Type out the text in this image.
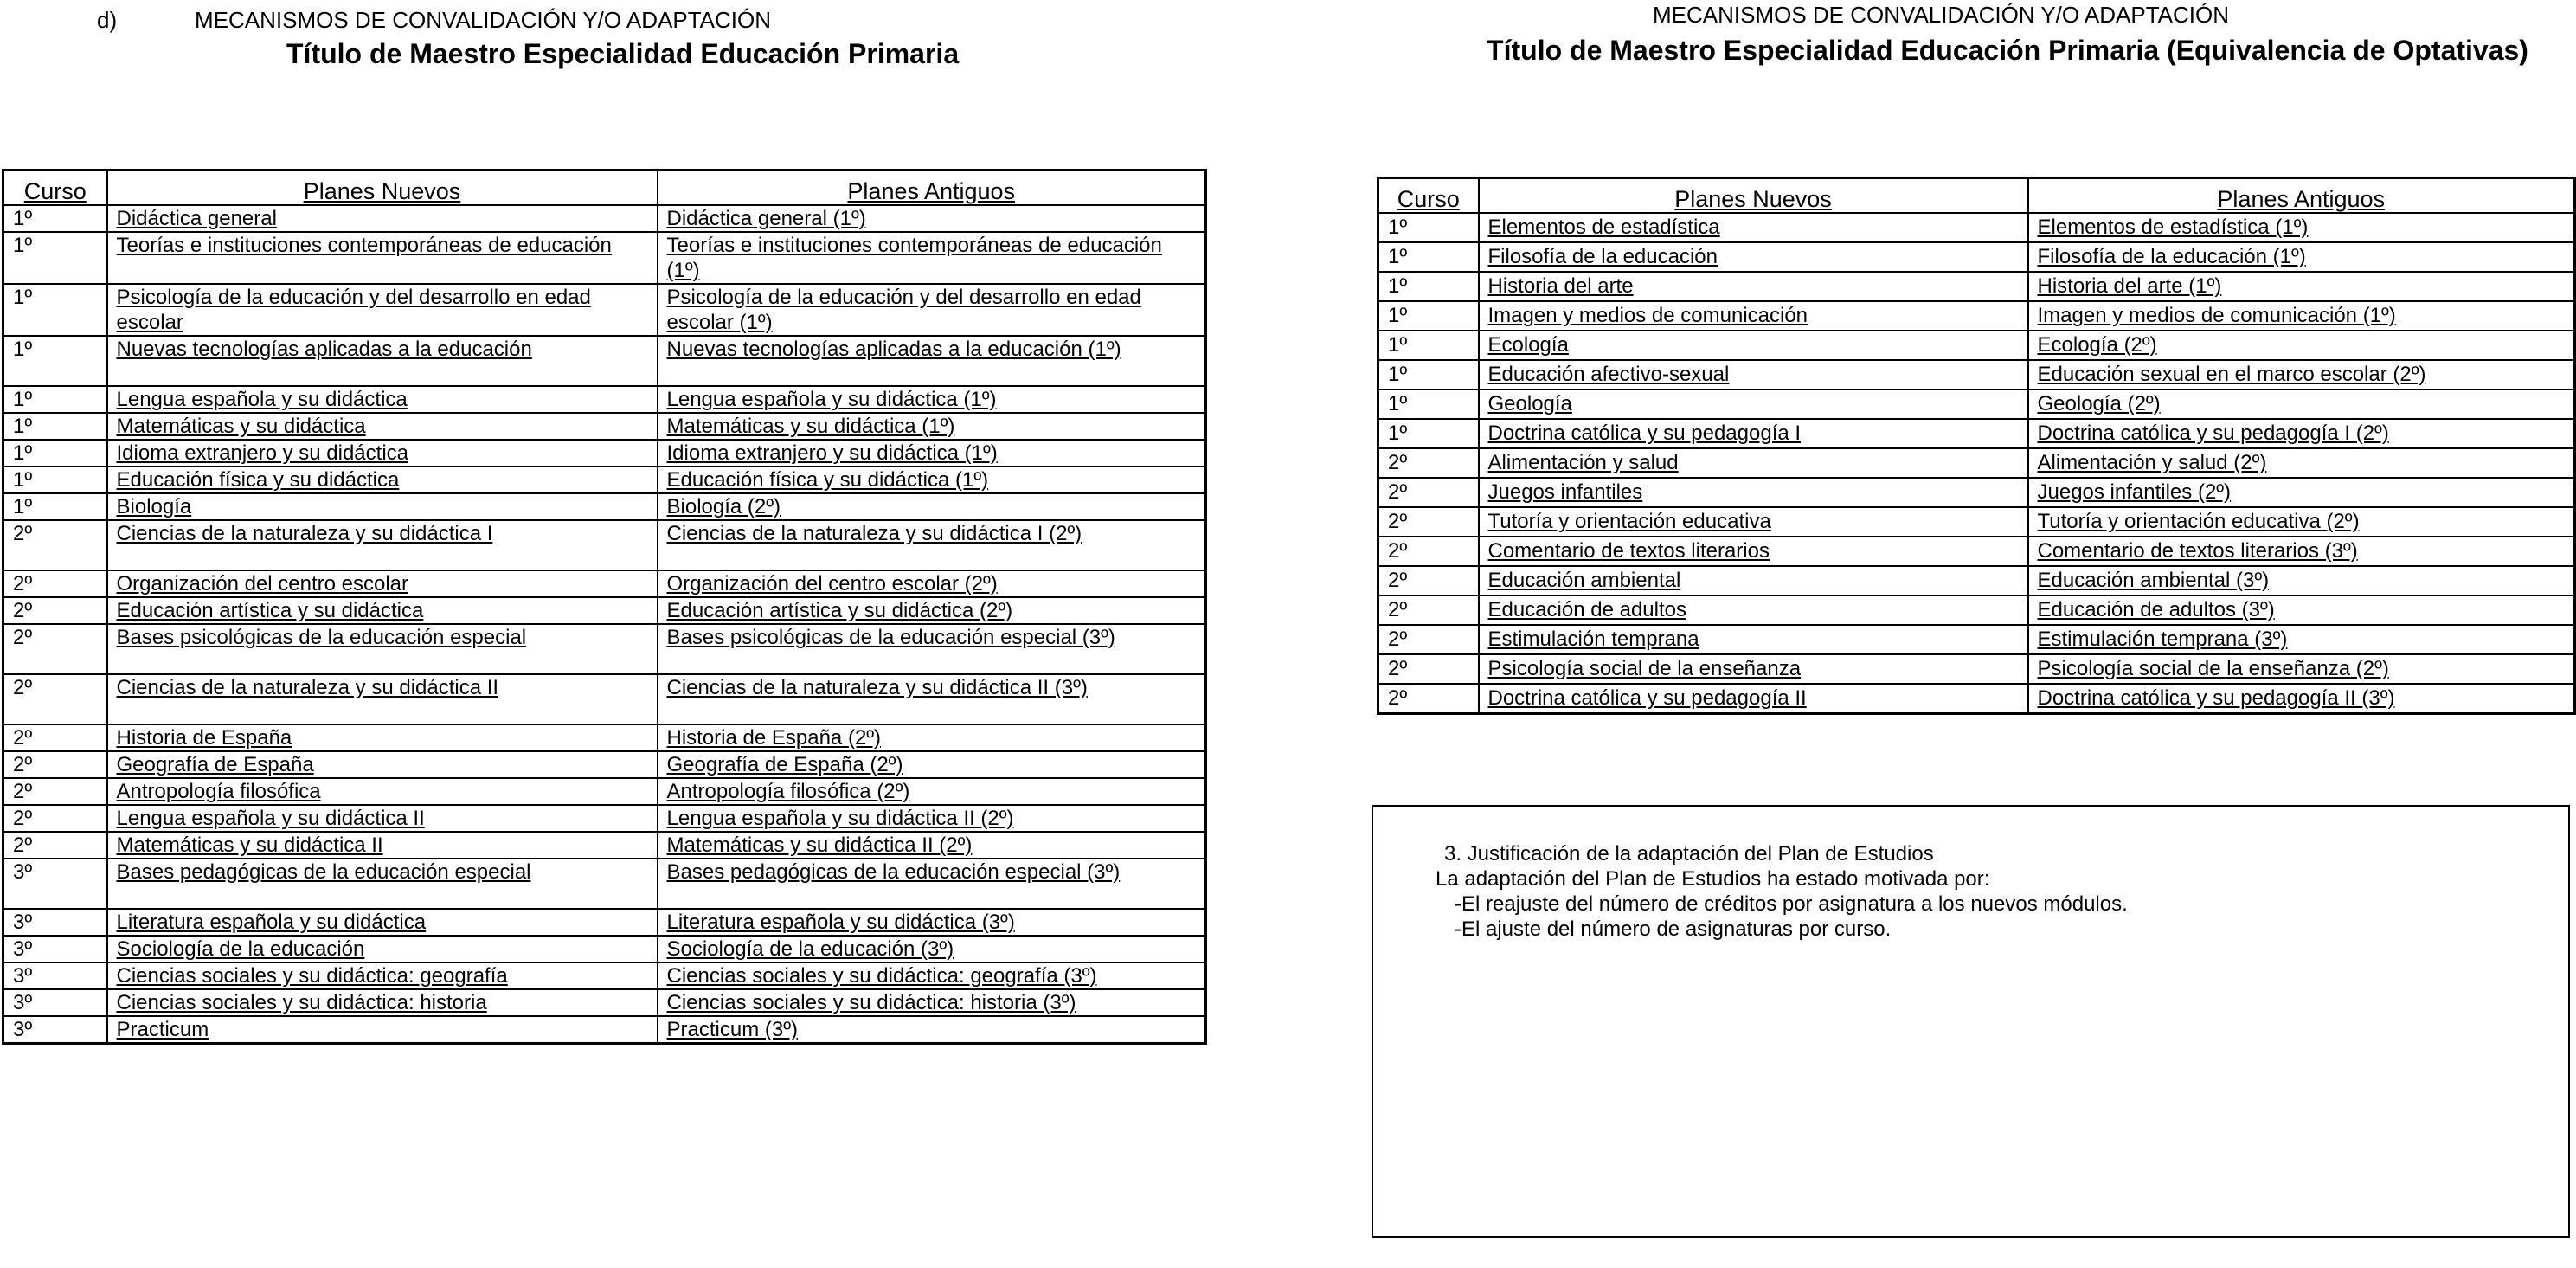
d)	MECANISMOS DE CONVALIDACIÓN Y/O ADAPTACIÓN
Título de Maestro Especialidad Educación Primaria
Curso	Planes Nuevos	Planes Antiguos
1º	Didáctica general	Didáctica general (1º)
1º	Teorías e instituciones contemporáneas de educación	Teorías e instituciones contemporáneas de educación (1º)
1º	Psicología de la educación y del desarrollo en edad escolar	Psicología de la educación y del desarrollo en edad escolar (1º)
1º	Nuevas tecnologías aplicadas a la educación	Nuevas tecnologías aplicadas a la educación (1º)
1º	Lengua española y su didáctica	Lengua española y su didáctica (1º)
1º	Matemáticas y su didáctica	Matemáticas y su didáctica (1º)
1º	Idioma extranjero y su didáctica	Idioma extranjero y su didáctica (1º)
1º	Educación física y su didáctica	Educación física y su didáctica (1º)
1º	Biología	Biología (2º)
2º	Ciencias de la naturaleza y su didáctica I	Ciencias de la naturaleza y su didáctica I (2º)
2º	Organización del centro escolar	Organización del centro escolar (2º)
2º	Educación artística y su didáctica	Educación artística y su didáctica (2º)
2º	Bases psicológicas de la educación especial	Bases psicológicas de la educación especial (3º)
2º	Ciencias de la naturaleza y su didáctica II	Ciencias de la naturaleza y su didáctica II (3º)
2º	Historia de España	Historia de España (2º)
2º	Geografía de España	Geografía de España (2º)
2º	Antropología filosófica	Antropología filosófica (2º)
2º	Lengua española y su didáctica II	Lengua española y su didáctica II (2º)
2º	Matemáticas y su didáctica II	Matemáticas y su didáctica II (2º)
3º	Bases pedagógicas de la educación especial	Bases pedagógicas de la educación especial (3º)
3º	Literatura española y su didáctica	Literatura española y su didáctica (3º)
3º	Sociología de la educación	Sociología de la educación (3º)
3º	Ciencias sociales y su didáctica: geografía	Ciencias sociales y su didáctica: geografía (3º)
3º	Ciencias sociales y su didáctica: historia	Ciencias sociales y su didáctica: historia (3º)
3º	Practicum	Practicum (3º)
MECANISMOS DE CONVALIDACIÓN Y/O ADAPTACIÓN
Título de Maestro Especialidad Educación Primaria (Equivalencia de Optativas)
Curso	Planes Nuevos	Planes Antiguos
1º	Elementos de estadística	Elementos de estadística (1º)
1º	Filosofía de la educación	Filosofía de la educación (1º)
1º	Historia del arte	Historia del arte (1º)
1º	Imagen y medios de comunicación	Imagen y medios de comunicación (1º)
1º	Ecología	Ecología (2º)
1º	Educación afectivo-sexual	Educación sexual en el marco escolar (2º)
1º	Geología	Geología (2º)
1º	Doctrina católica y su pedagogía I	Doctrina católica y su pedagogía I (2º)
2º	Alimentación y salud	Alimentación y salud (2º)
2º	Juegos infantiles	Juegos infantiles (2º)
2º	Tutoría y orientación educativa	Tutoría y orientación educativa (2º)
2º	Comentario de textos literarios	Comentario de textos literarios (3º)
2º	Educación ambiental	Educación ambiental (3º)
2º	Educación de adultos	Educación de adultos (3º)
2º	Estimulación temprana	Estimulación temprana (3º)
2º	Psicología social de la enseñanza	Psicología social de la enseñanza (2º)
2º	Doctrina católica y su pedagogía II	Doctrina católica y su pedagogía II (3º)
3. Justificación de la adaptación del Plan de Estudios
La adaptación del Plan de Estudios ha estado motivada por:
-El reajuste del número de créditos por asignatura a los nuevos módulos.
-El ajuste del número de asignaturas por curso.
